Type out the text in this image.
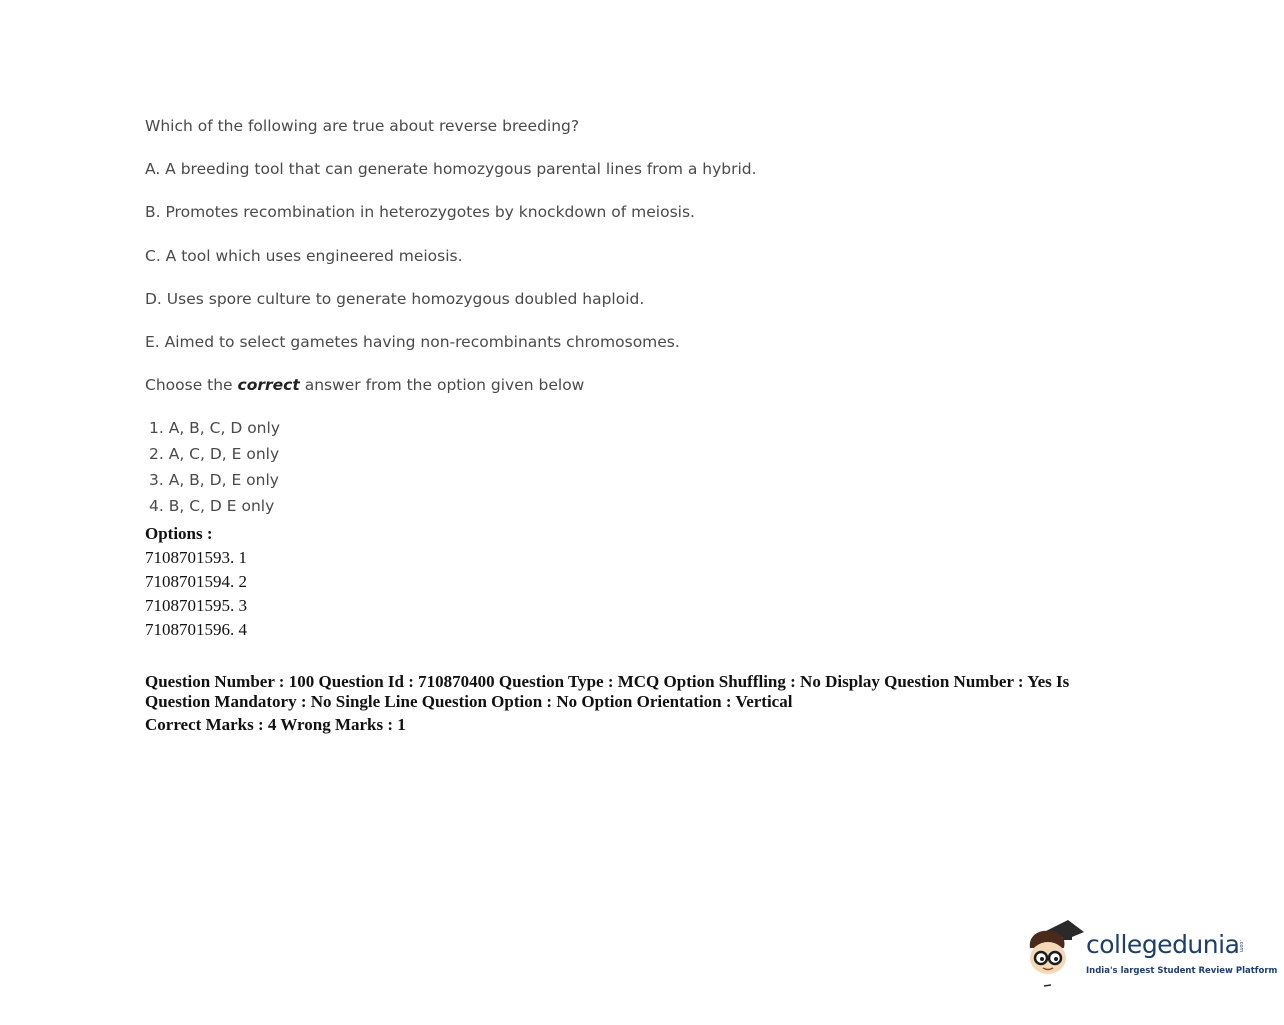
Which of the following are true about reverse breeding?
A. A breeding tool that can generate homozygous parental lines from a hybrid.
B. Promotes recombination in heterozygotes by knockdown of meiosis.
C. A tool which uses engineered meiosis.
D. Uses spore culture to generate homozygous doubled haploid.
E. Aimed to select gametes having non-recombinants chromosomes.
Choose the correct answer from the option given below
1. A, B, C, D only
2. A, C, D, E only
3. A, B, D, E only
4. B, C, D E only
Options :
7108701593. 1
7108701594. 2
7108701595. 3
7108701596. 4
Question Number : 100 Question Id : 710870400 Question Type : MCQ Option Shuffling : No Display Question Number : Yes Is Question Mandatory : No Single Line Question Option : No Option Orientation : Vertical
Correct Marks : 4 Wrong Marks : 1
collegedunia
.com
India's largest Student Review Platform
